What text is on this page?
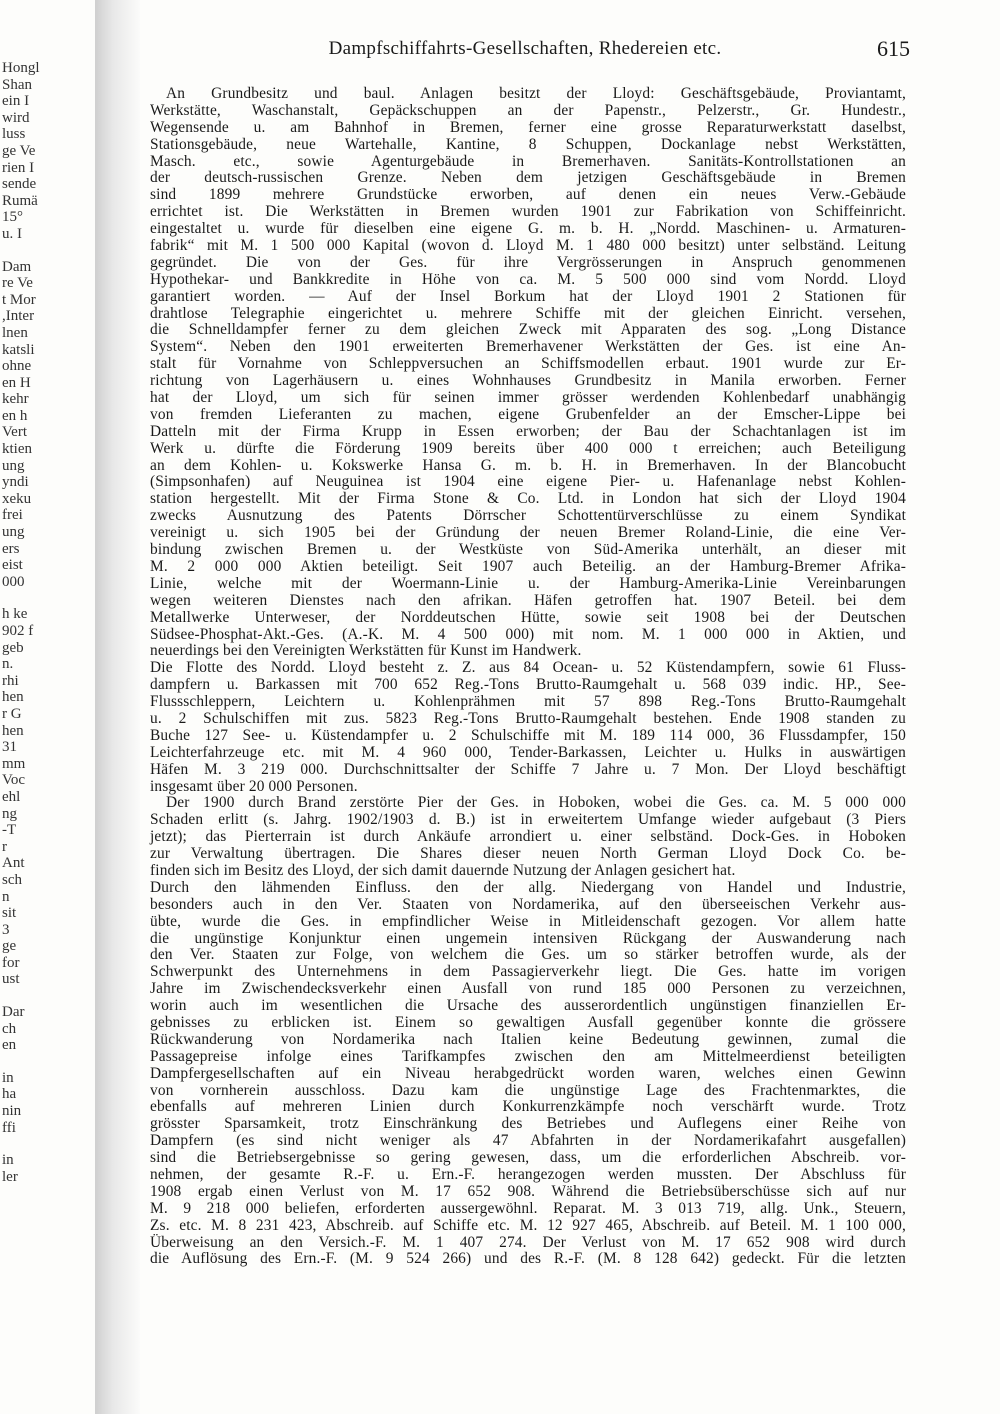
Hongl
Shan
ein I
wird
luss
ge Ve
rien I
sende
Rumä
15°
u. I
Dam
re Ve
t Mor
,Inter
lnen
katsli
ohne
en H
kehr
en h
Vert
ktien
ung
yndi
xeku
frei
ung
ers
eist
000
h ke
902 f
geb
n.
rhi
hen
r G
hen
31
mm
Voc
ehl
ng
-T
r
Ant
sch
n
sit
3
ge
for
ust
Dar
ch
en
in
ha
nin
ffi
in
ler
Dampfschiffahrts-Gesellschaften, Rhedereien etc.	615
An Grundbesitz und baul. Anlagen besitzt der Lloyd: Geschäftsgebäude, Proviantamt,
Werkstätte, Waschanstalt, Gepäckschuppen an der Papenstr., Pelzerstr., Gr. Hundestr.,
Wegensende u. am Bahnhof in Bremen, ferner eine grosse Reparaturwerkstatt daselbst,
Stationsgebäude, neue Wartehalle, Kantine, 8 Schuppen, Dockanlage nebst Werkstätten,
Masch. etc., sowie Agenturgebäude in Bremerhaven. Sanitäts-Kontrollstationen an
der deutsch-russischen Grenze. Neben dem jetzigen Geschäftsgebäude in Bremen
sind 1899 mehrere Grundstücke erworben, auf denen ein neues Verw.-Gebäude
errichtet ist. Die Werkstätten in Bremen wurden 1901 zur Fabrikation von Schiffeinricht.
eingestaltet u. wurde für dieselben eine eigene G. m. b. H. „Nordd. Maschinen- u. Armaturen-
fabrik“ mit M. 1 500 000 Kapital (wovon d. Lloyd M. 1 480 000 besitzt) unter selbständ. Leitung
gegründet. Die von der Ges. für ihre Vergrösserungen in Anspruch genommenen
Hypothekar- und Bankkredite in Höhe von ca. M. 5 500 000 sind vom Nordd. Lloyd
garantiert worden. — Auf der Insel Borkum hat der Lloyd 1901 2 Stationen für
drahtlose Telegraphie eingerichtet u. mehrere Schiffe mit der gleichen Einricht. versehen,
die Schnelldampfer ferner zu dem gleichen Zweck mit Apparaten des sog. „Long Distance
System“. Neben den 1901 erweiterten Bremerhavener Werkstätten der Ges. ist eine An-
stalt für Vornahme von Schleppversuchen an Schiffsmodellen erbaut. 1901 wurde zur Er-
richtung von Lagerhäusern u. eines Wohnhauses Grundbesitz in Manila erworben. Ferner
hat der Lloyd, um sich für seinen immer grösser werdenden Kohlenbedarf unabhängig
von fremden Lieferanten zu machen, eigene Grubenfelder an der Emscher-Lippe bei
Datteln mit der Firma Krupp in Essen erworben; der Bau der Schachtanlagen ist im
Werk u. dürfte die Förderung 1909 bereits über 400 000 t erreichen; auch Beteiligung
an dem Kohlen- u. Kokswerke Hansa G. m. b. H. in Bremerhaven. In der Blancobucht
(Simpsonhafen) auf Neuguinea ist 1904 eine eigene Pier- u. Hafenanlage nebst Kohlen-
station hergestellt. Mit der Firma Stone & Co. Ltd. in London hat sich der Lloyd 1904
zwecks Ausnutzung des Patents Dörrscher Schottentürverschlüsse zu einem Syndikat
vereinigt u. sich 1905 bei der Gründung der neuen Bremer Roland-Linie, die eine Ver-
bindung zwischen Bremen u. der Westküste von Süd-Amerika unterhält, an dieser mit
M. 2 000 000 Aktien beteiligt. Seit 1907 auch Beteilig. an der Hamburg-Bremer Afrika-
Linie, welche mit der Woermann-Linie u. der Hamburg-Amerika-Linie Vereinbarungen
wegen weiteren Dienstes nach den afrikan. Häfen getroffen hat. 1907 Beteil. bei dem
Metallwerke Unterweser, der Norddeutschen Hütte, sowie seit 1908 bei der Deutschen
Südsee-Phosphat-Akt.-Ges. (A.-K. M. 4 500 000) mit nom. M. 1 000 000 in Aktien, und
neuerdings bei den Vereinigten Werkstätten für Kunst im Handwerk.
Die Flotte des Nordd. Lloyd besteht z. Z. aus 84 Ocean- u. 52 Küstendampfern, sowie 61 Fluss-
dampfern u. Barkassen mit 700 652 Reg.-Tons Brutto-Raumgehalt u. 568 039 indic. HP., See-
Flussschleppern, Leichtern u. Kohlenprähmen mit 57 898 Reg.-Tons Brutto-Raumgehalt
u. 2 Schulschiffen mit zus. 5823 Reg.-Tons Brutto-Raumgehalt bestehen. Ende 1908 standen zu
Buche 127 See- u. Küstendampfer u. 2 Schulschiffe mit M. 189 114 000, 36 Flussdampfer, 150
Leichterfahrzeuge etc. mit M. 4 960 000, Tender-Barkassen, Leichter u. Hulks in auswärtigen
Häfen M. 3 219 000. Durchschnittsalter der Schiffe 7 Jahre u. 7 Mon. Der Lloyd beschäftigt
insgesamt über 20 000 Personen.
Der 1900 durch Brand zerstörte Pier der Ges. in Hoboken, wobei die Ges. ca. M. 5 000 000
Schaden erlitt (s. Jahrg. 1902/1903 d. B.) ist in erweitertem Umfange wieder aufgebaut (3 Piers
jetzt); das Pierterrain ist durch Ankäufe arrondiert u. einer selbständ. Dock-Ges. in Hoboken
zur Verwaltung übertragen. Die Shares dieser neuen North German Lloyd Dock Co. be-
finden sich im Besitz des Lloyd, der sich damit dauernde Nutzung der Anlagen gesichert hat.
Durch den lähmenden Einfluss. den der allg. Niedergang von Handel und Industrie,
besonders auch in den Ver. Staaten von Nordamerika, auf den überseeischen Verkehr aus-
übte, wurde die Ges. in empfindlicher Weise in Mitleidenschaft gezogen. Vor allem hatte
die ungünstige Konjunktur einen ungemein intensiven Rückgang der Auswanderung nach
den Ver. Staaten zur Folge, von welchem die Ges. um so stärker betroffen wurde, als der
Schwerpunkt des Unternehmens in dem Passagierverkehr liegt. Die Ges. hatte im vorigen
Jahre im Zwischendecksverkehr einen Ausfall von rund 185 000 Personen zu verzeichnen,
worin auch im wesentlichen die Ursache des ausserordentlich ungünstigen finanziellen Er-
gebnisses zu erblicken ist. Einem so gewaltigen Ausfall gegenüber konnte die grössere
Rückwanderung von Nordamerika nach Italien keine Bedeutung gewinnen, zumal die
Passagepreise infolge eines Tarifkampfes zwischen den am Mittelmeerdienst beteiligten
Dampfergesellschaften auf ein Niveau herabgedrückt worden waren, welches einen Gewinn
von vornherein ausschloss. Dazu kam die ungünstige Lage des Frachtenmarktes, die
ebenfalls auf mehreren Linien durch Konkurrenzkämpfe noch verschärft wurde. Trotz
grösster Sparsamkeit, trotz Einschränkung des Betriebes und Auflegens einer Reihe von
Dampfern (es sind nicht weniger als 47 Abfahrten in der Nordamerikafahrt ausgefallen)
sind die Betriebsergebnisse so gering gewesen, dass, um die erforderlichen Abschreib. vor-
nehmen, der gesamte R.-F. u. Ern.-F. herangezogen werden mussten. Der Abschluss für
1908 ergab einen Verlust von M. 17 652 908. Während die Betriebsüberschüsse sich auf nur
M. 9 218 000 beliefen, erforderten aussergewöhnl. Reparat. M. 3 013 719, allg. Unk., Steuern,
Zs. etc. M. 8 231 423, Abschreib. auf Schiffe etc. M. 12 927 465, Abschreib. auf Beteil. M. 1 100 000,
Überweisung an den Versich.-F. M. 1 407 274. Der Verlust von M. 17 652 908 wird durch
die Auflösung des Ern.-F. (M. 9 524 266) und des R.-F. (M. 8 128 642) gedeckt. Für die letzten
